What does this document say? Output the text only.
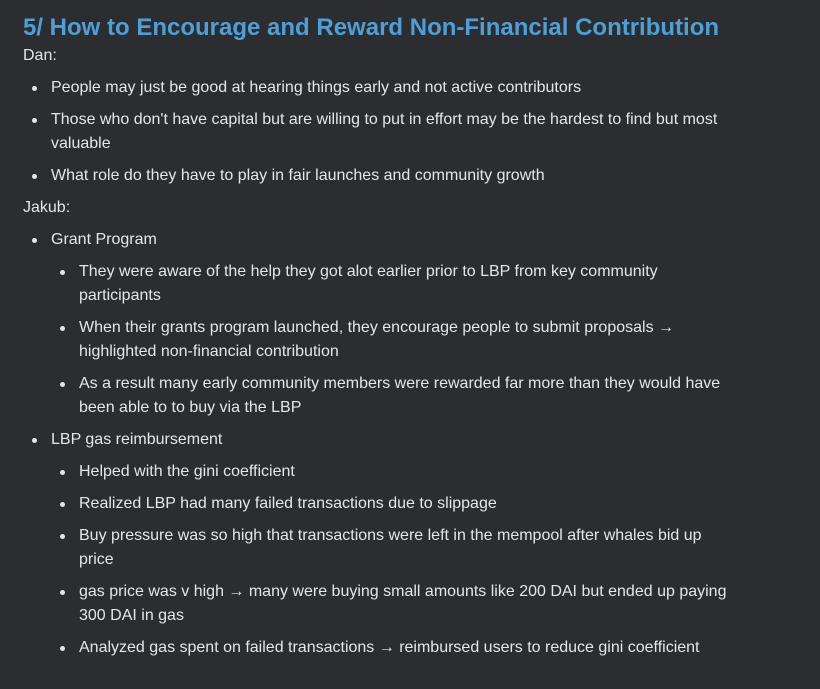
5/ How to Encourage and Reward Non-Financial Contribution

Dan:

People may just be good at hearing things early and not active contributors
Those who don't have capital but are willing to put in effort may be the hardest to find but most valuable
What role do they have to play in fair launches and community growth

Jakub:

Grant Program
They were aware of the help they got alot earlier prior to LBP from key community participants
When their grants program launched, they encourage people to submit proposals → highlighted non-financial contribution
As a result many early community members were rewarded far more than they would have been able to to buy via the LBP
LBP gas reimbursement
Helped with the gini coefficient
Realized LBP had many failed transactions due to slippage
Buy pressure was so high that transactions were left in the mempool after whales bid up price
gas price was v high → many were buying small amounts like 200 DAI but ended up paying 300 DAI in gas
Analyzed gas spent on failed transactions → reimbursed users to reduce gini coefficient
